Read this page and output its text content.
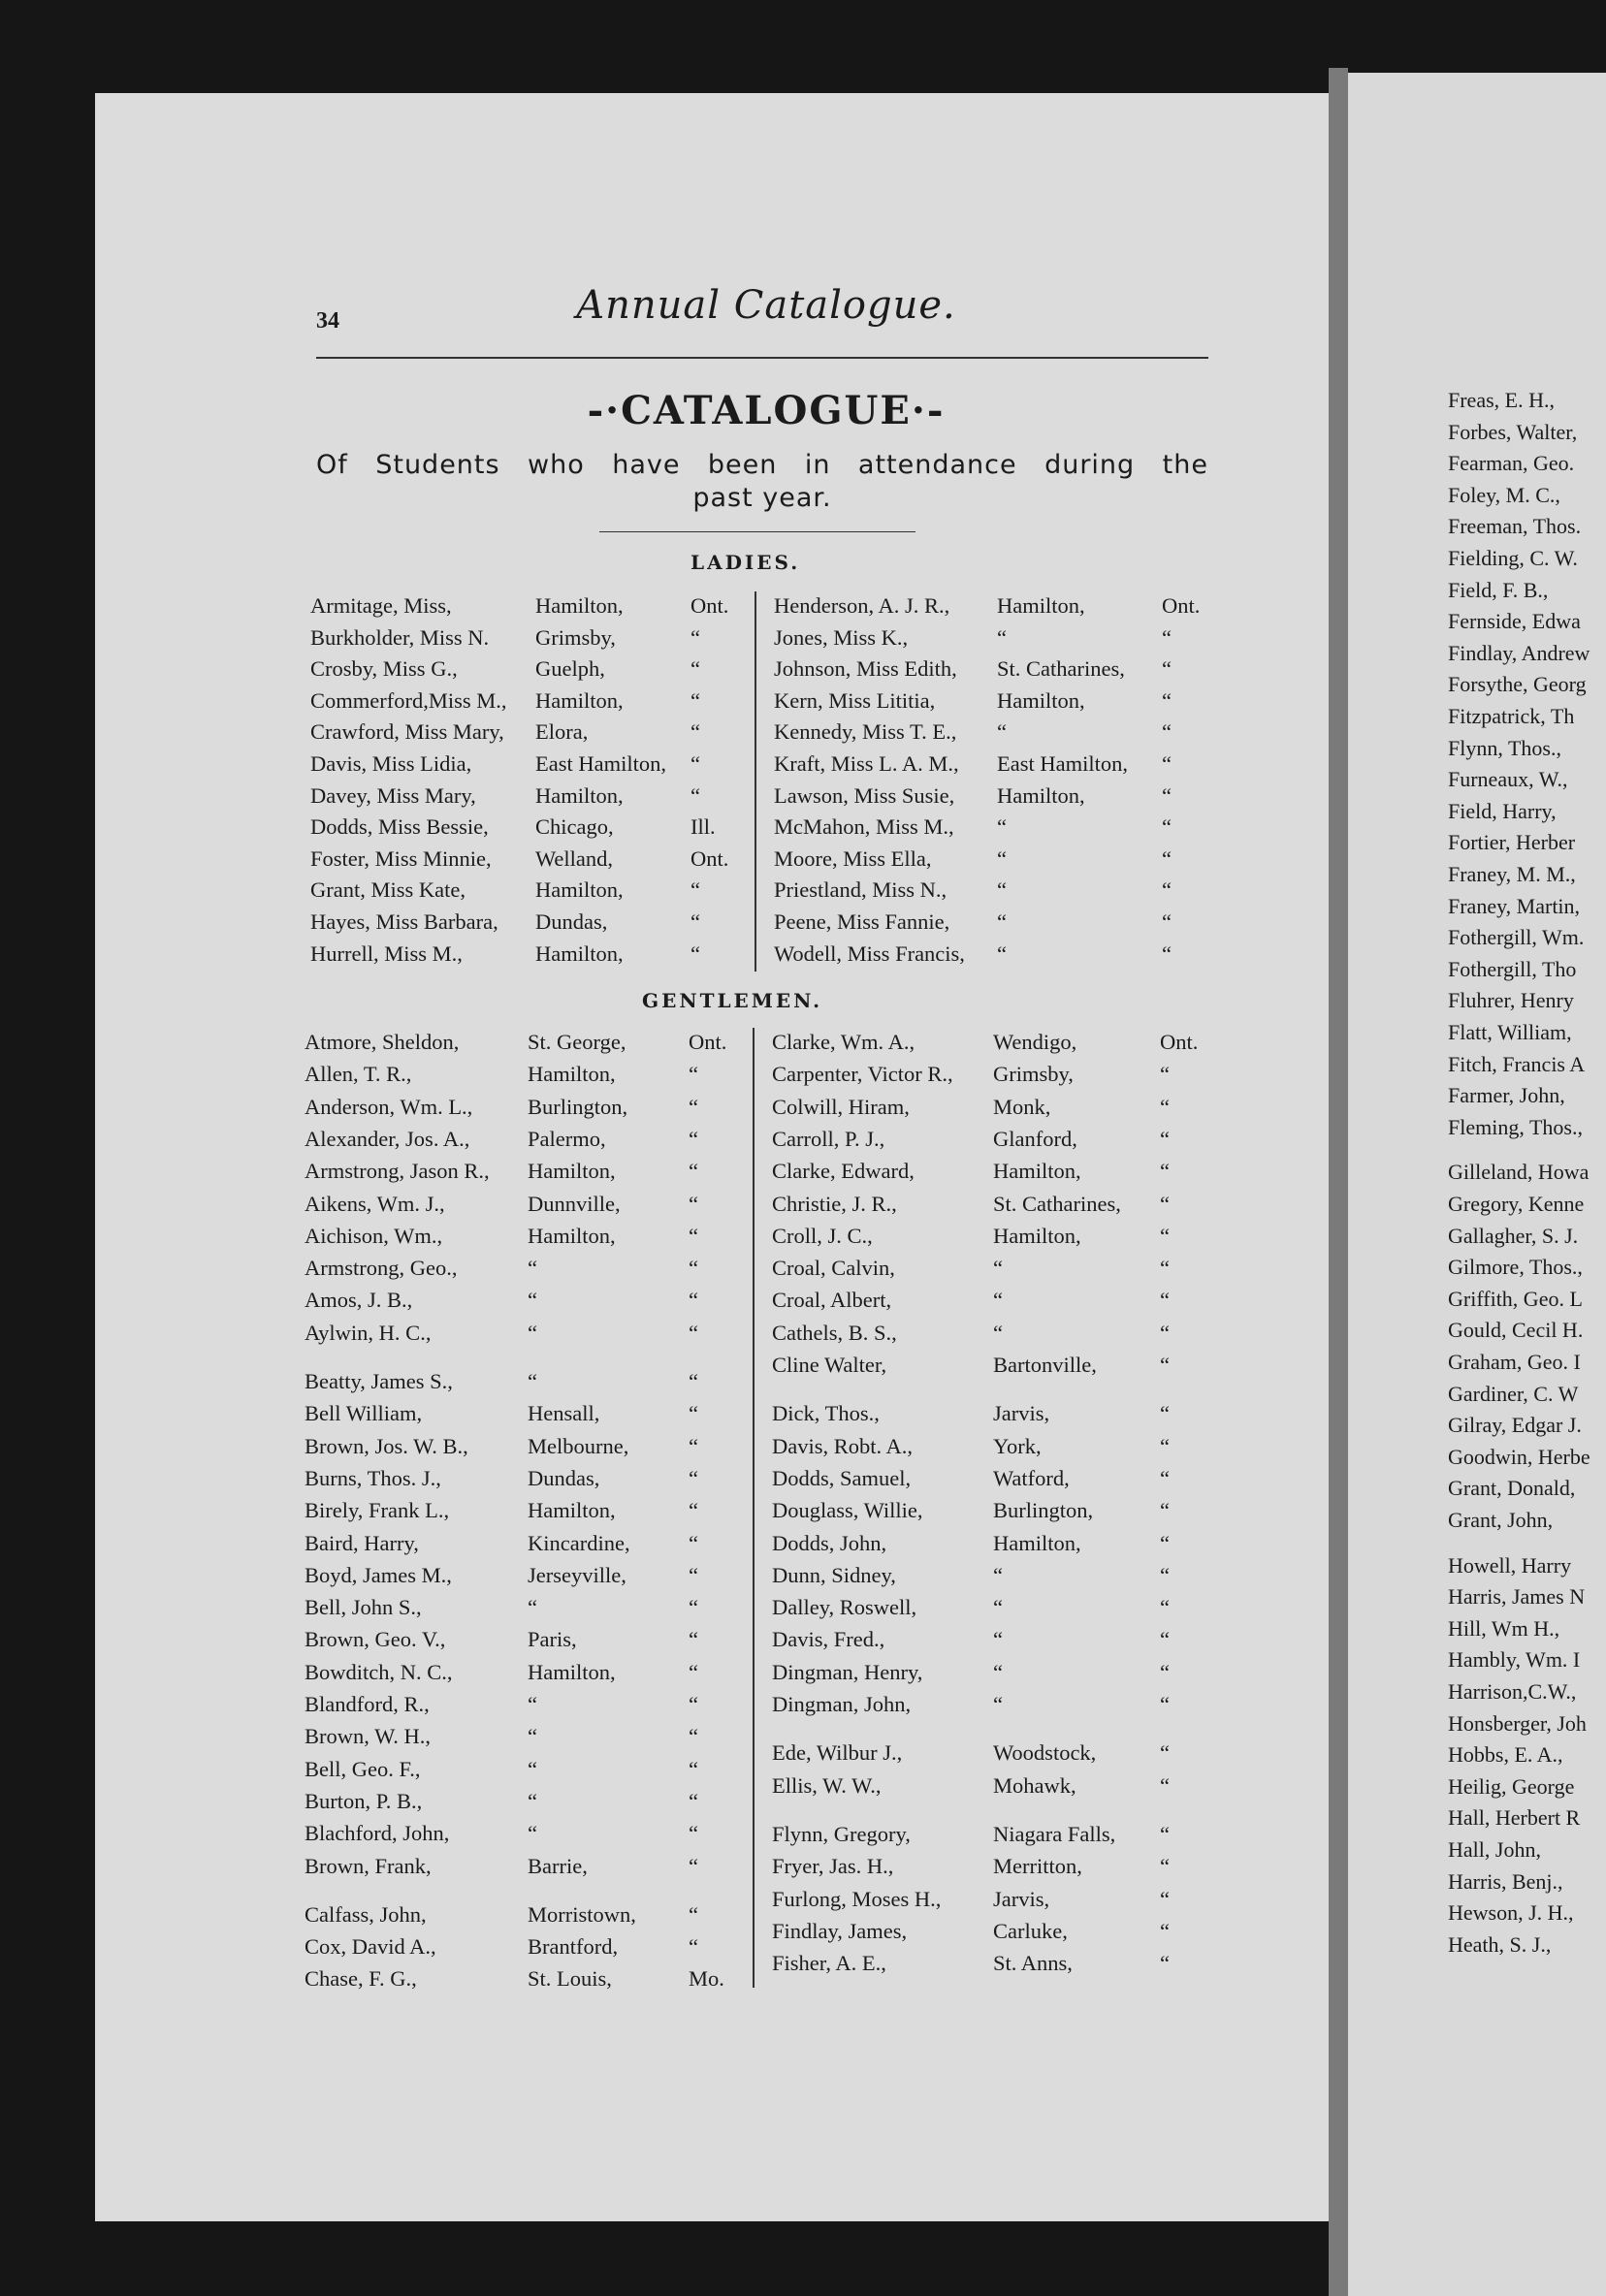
34	Annual Catalogue.
-·CATALOGUE·-
Of Students who have been in attendance during the
past year.
LADIES.
GENTLEMEN.
Armitage, Miss,	Hamilton,	Ont.
Burkholder, Miss N. Grimsby,	“
Crosby, Miss G.,	Guelph,	“
Commerford,Miss M., Hamilton,	“
Crawford, Miss Mary, Elora,	“
Davis, Miss Lidia,	East Hamilton, “
Davey, Miss Mary,	Hamilton,	“
Dodds, Miss Bessie, Chicago,	Ill.
Foster, Miss Minnie, Welland,	Ont.
Grant, Miss Kate,	Hamilton,	“
Hayes, Miss Barbara, Dundas,	“
Hurrell, Miss M.,	Hamilton,	“
Henderson, A. J. R., Hamilton,	Ont.
Jones, Miss K.,	“	“
Johnson, Miss Edith, St. Catharines, “
Kern, Miss Lititia,	Hamilton,	“
Kennedy, Miss T. E., “	“
Kraft, Miss L. A. M., East Hamilton, “
Lawson, Miss Susie, Hamilton,	“
McMahon, Miss M., “	“
Moore, Miss Ella,	“	“
Priestland, Miss N., “	“
Peene, Miss Fannie, “	“
Wodell, Miss Francis, “	“
Atmore, Sheldon,	St. George,	Ont.
Allen, T. R.,	Hamilton,	“
Anderson, Wm. L.,	Burlington,	“
Alexander, Jos. A.,	Palermo,	“
Armstrong, Jason R., Hamilton,	“
Aikens, Wm. J.,	Dunnville,	“
Aichison, Wm.,	Hamilton,	“
Armstrong, Geo.,	“	“
Amos, J. B.,	“	“
Aylwin, H. C.,	“	“
Beatty, James S.,	“	“
Bell William,	Hensall,	“
Brown, Jos. W. B.,	Melbourne,	“
Burns, Thos. J.,	Dundas,	“
Birely, Frank L.,	Hamilton,	“
Baird, Harry,	Kincardine,	“
Boyd, James M.,	Jerseyville,	“
Bell, John S.,	“	“
Brown, Geo. V.,	Paris,	“
Bowditch, N. C.,	Hamilton,	“
Blandford, R.,	“	“
Brown, W. H.,	“	“
Bell, Geo. F.,	“	“
Burton, P. B.,	“	“
Blachford, John,	“	“
Brown, Frank,	Barrie,	“
Calfass, John,	Morristown, “
Cox, David A.,	Brantford,	“
Chase, F. G.,	St. Louis,	Mo.
Clarke, Wm. A.,	Wendigo,	Ont.
Carpenter, Victor R., Grimsby,	“
Colwill, Hiram,	Monk,	“
Carroll, P. J.,	Glanford,	“
Clarke, Edward,	Hamilton,	“
Christie, J. R.,	St. Catharines, “
Croll, J. C.,	Hamilton,	“
Croal, Calvin,	“	“
Croal, Albert,	“	“
Cathels, B. S.,	“	“
Cline Walter,	Bartonville,	“
Dick, Thos.,	Jarvis,	“
Davis, Robt. A.,	York,	“
Dodds, Samuel,	Watford,	“
Douglass, Willie,	Burlington,	“
Dodds, John,	Hamilton,	“
Dunn, Sidney,	“	“
Dalley, Roswell,	“	“
Davis, Fred.,	“	“
Dingman, Henry,	“	“
Dingman, John,	“	“
Ede, Wilbur J.,	Woodstock,	“
Ellis, W. W.,	Mohawk,	“
Flynn, Gregory,	Niagara Falls, “
Fryer, Jas. H.,	Merritton,	“
Furlong, Moses H., Jarvis,	“
Findlay, James,	Carluke,	“
Fisher, A. E.,	St. Anns,	“
Freas, E. H.,
Forbes, Walter,
Fearman, Geo.
Foley, M. C.,
Freeman, Thos.
Fielding, C. W.
Field, F. B.,
Fernside, Edwa
Findlay, Andrew
Forsythe, Georg
Fitzpatrick, Th
Flynn, Thos.,
Furneaux, W.,
Field, Harry,
Fortier, Herber
Franey, M. M.,
Franey, Martin,
Fothergill, Wm.
Fothergill, Tho
Fluhrer, Henry
Flatt, William,
Fitch, Francis A
Farmer, John,
Fleming, Thos.,
Gilleland, Howa
Gregory, Kenne
Gallagher, S. J.
Gilmore, Thos.,
Griffith, Geo. L
Gould, Cecil H.
Graham, Geo. I
Gardiner, C. W
Gilray, Edgar J.
Goodwin, Herbe
Grant, Donald,
Grant, John,
Howell, Harry
Harris, James N
Hill, Wm H.,
Hambly, Wm. I
Harrison,C.W.,
Honsberger, Joh
Hobbs, E. A.,
Heilig, George
Hall, Herbert R
Hall, John,
Harris, Benj.,
Hewson, J. H.,
Heath, S. J.,
